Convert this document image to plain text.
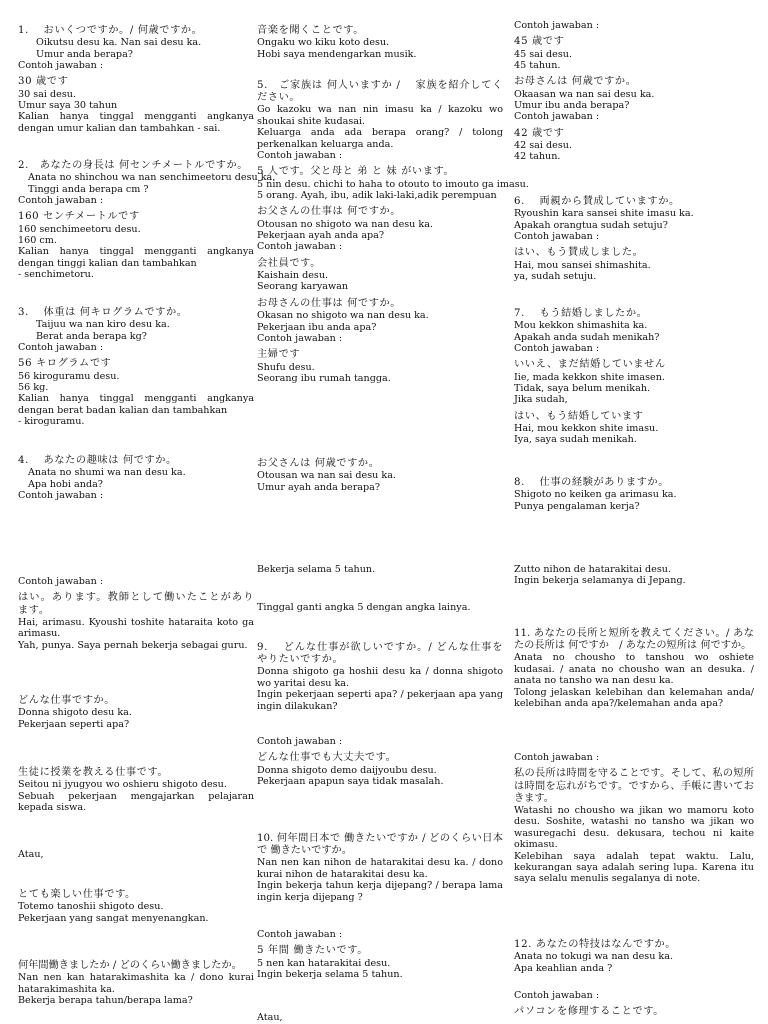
1.　 おいくつですか。/ 何歳ですか。
Oikutsu desu ka. Nan sai desu ka.
Umur anda berapa?
Contoh jawaban :
30 歳です
30 sai desu.
Umur saya 30 tahun
Kalian hanya tinggal mengganti angkanya dengan umur kalian dan tambahkan - sai.
2.　あなたの身長は 何センチメートルですか。
Anata no shinchou wa nan senchimeetoru desu ka.
Tinggi anda berapa cm ?
Contoh jawaban :
160 センチメートルです
160 senchimeetoru desu.
160 cm.
Kalian hanya tinggal mengganti angkanya dengan tinggi kalian dan tambahkan
- senchimetoru.
3.　 体重は 何キログラムですか。
Taijuu wa nan kiro desu ka.
Berat anda berapa kg?
Contoh jawaban :
56 キログラムです
56 kiroguramu desu.
56 kg.
Kalian hanya tinggal mengganti angkanya dengan berat badan kalian dan tambahkan
- kiroguramu.
4.　 あなたの趣味は 何ですか。
Anata no shumi wa nan desu ka.
Apa hobi anda?
Contoh jawaban :
Contoh jawaban :
はい。あります。教師として働いたことがあります。
Hai, arimasu. Kyoushi toshite hataraita koto ga arimasu.
Yah, punya. Saya pernah bekerja sebagai guru.
どんな仕事ですか。
Donna shigoto desu ka.
Pekerjaan seperti apa?
生徒に授業を教える仕事です。
Seitou ni jyugyou wo oshieru shigoto desu.
Sebuah pekerjaan mengajarkan pelajaran kepada siswa.
Atau,
とても楽しい仕事です。
Totemo tanoshii shigoto desu.
Pekerjaan yang sangat menyenangkan.
何年間働きましたか / どのくらい働きましたか。
Nan nen kan hatarakimashita ka / dono kurai hatarakimashita ka.
Bekerja berapa tahun/berapa lama?
音楽を聞くことです。
Ongaku wo kiku koto desu.
Hobi saya mendengarkan musik.
5.　ご家族は 何人いますか / 　家族を紹介してください。
Go kazoku wa nan nin imasu ka / kazoku wo shoukai shite kudasai.
Keluarga anda ada berapa orang? / tolong perkenalkan keluarga anda.
Contoh jawaban :
5 人です。父と母と 弟 と 妹 がいます。
5 nin desu. chichi to haha to otouto to imouto ga imasu.
5 orang. Ayah, ibu, adik laki-laki,adik perempuan
お父さんの仕事は 何ですか。
Otousan no shigoto wa nan desu ka.
Pekerjaan ayah anda apa?
Contoh jawaban :
会社員です。
Kaishain desu.
Seorang karyawan
お母さんの仕事は 何ですか。
Okasan no shigoto wa nan desu ka.
Pekerjaan ibu anda apa?
Contoh jawaban :
主婦です
Shufu desu.
Seorang ibu rumah tangga.
お父さんは 何歳ですか。
Otousan wa nan sai desu ka.
Umur ayah anda berapa?
Bekerja selama 5 tahun.
Tinggal ganti angka 5 dengan angka lainya.
9.　 どんな仕事が欲しいですか。/ どんな仕事をやりたいですか。
Donna shigoto ga hoshii desu ka / donna shigoto wo yaritai desu ka.
Ingin pekerjaan seperti apa? / pekerjaan apa yang ingin dilakukan?
Contoh jawaban :
どんな仕事でも大丈夫です。
Donna shigoto demo daijyoubu desu.
Pekerjaan apapun saya tidak masalah.
10. 何年間日本で 働きたいですか / どのくらい日本で 働きたいですか。
Nan nen kan nihon de hatarakitai desu ka. / dono kurai nihon de hatarakitai desu ka.
Ingin bekerja tahun kerja dijepang? / berapa lama ingin kerja dijepang ?
Contoh jawaban :
5 年間 働きたいです。
5 nen kan hatarakitai desu.
Ingin bekerja selama 5 tahun.
Atau,
Contoh jawaban :
45 歳です
45 sai desu.
45 tahun.
お母さんは 何歳ですか。
Okaasan wa nan sai desu ka.
Umur ibu anda berapa?
Contoh jawaban :
42 歳です
42 sai desu.
42 tahun.
6.　 両親から賛成していますか。
Ryoushin kara sansei shite imasu ka.
Apakah orangtua sudah setuju?
Contoh jawaban :
はい、もう賛成しました。
Hai, mou sansei shimashita.
ya, sudah setuju.
7.　 もう結婚しましたか。
Mou kekkon shimashita ka.
Apakah anda sudah menikah?
Contoh jawaban :
いいえ、まだ結婚していません
Iie, mada kekkon shite imasen.
Tidak, saya belum menikah.
Jika sudah,
はい、もう結婚しています
Hai, mou kekkon shite imasu.
Iya, saya sudah menikah.
8.　 仕事の経験がありますか。
Shigoto no keiken ga arimasu ka.
Punya pengalaman kerja?
Zutto nihon de hatarakitai desu.
Ingin bekerja selamanya di Jepang.
11. あなたの長所と短所を教えてください。/ あなたの長所は 何ですか　/ あなたの短所は 何ですか。
Anata no chousho to tanshou wo oshiete kudasai. / anata no chousho wan an desuka. /　anata no tansho wa nan desu ka.
Tolong jelaskan kelebihan dan kelemahan anda/ kelebihan anda apa?/kelemahan anda apa?
Contoh jawaban :
私の長所は時間を守ることです。そして、私の短所は時間を忘れがちです。ですから、手帳に書いておきます。
Watashi no chousho wa jikan wo mamoru koto desu. Soshite, watashi no tansho wa jikan wo wasuregachi desu. dekusara, techou ni kaite okimasu.
Kelebihan saya adalah tepat waktu. Lalu, kekurangan saya adalah sering lupa. Karena itu saya selalu menulis segalanya di note.
12. あなたの特技はなんですか。
Anata no tokugi wa nan desu ka.
Apa keahlian anda ?
Contoh jawaban :
パソコンを修理することです。
